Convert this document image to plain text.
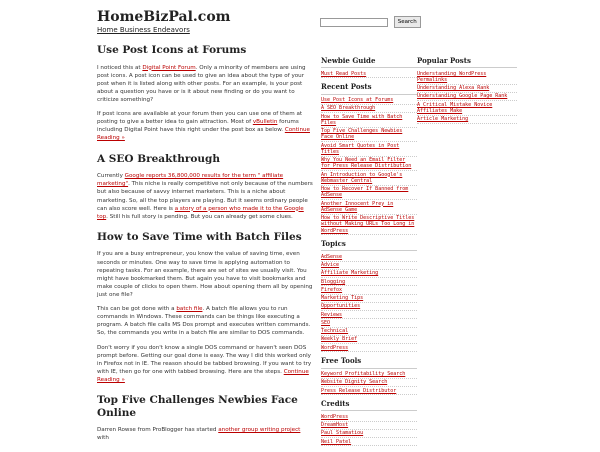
HomeBizPal.com
Home Business Endeavors
Search
Use Post Icons at Forums

I noticed this at Digital Point Forum. Only a minority of members are using post icons. A post icon can be used to give an idea about the type of your post when it is listed along with other posts. For an example, is your post about a question you have or is it about new finding or do you want to criticize something?

If post icons are available at your forum then you can use one of them at posting to give a better idea to gain attraction. Most of vBulletin forums including Digital Point have this right under the post box as below. Continue Reading »

A SEO Breakthrough

Currently Google reports 36,800,000 results for the term " affiliate marketing". This niche is really competitive not only because of the numbers but also because of savvy internet marketers. This is a niche about marketing. So, all the top players are playing. But it seems ordinary people can also score well. Here is a story of a person who made it to the Google top. Still his full story is pending. But you can already get some clues.

How to Save Time with Batch Files

If you are a busy entrepreneur, you know the value of saving time, even seconds or minutes. One way to save time is applying automation to repeating tasks. For an example, there are set of sites we usually visit. You might have bookmarked them. But again you have to visit bookmarks and make couple of clicks to open them. How about opening them all by opening just one file?

This can be got done with a batch file. A batch file allows you to run commands in Windows. These commands can be things like executing a program. A batch file calls MS Dos prompt and executes written commands. So, the commands you write in a batch file are similar to DOS commands.

Don't worry if you don't know a single DOS command or haven't seen DOS prompt before. Getting our goal done is easy. The way I did this worked only in Firefox not in IE. The reason should be tabbed browsing. If you want to try with IE, then go for one with tabbed browsing. Here are the steps. Continue Reading »

Top Five Challenges Newbies Face Online

Darren Rowse from ProBlogger has started another group writing project with

Newbie Guide
Must Read Posts
Recent Posts
Use Post Icons at Forums
A SEO Breakthrough
How to Save Time with Batch Files
Top Five Challenges Newbies Face Online
Avoid Smart Quotes in Post Titles
Why You Need an Email Filter for Press Release Distribution
An Introduction to Google's Webmaster Central
How to Recover If Banned from AdSense
Another Innocent Prey in AdSense Game
How to Write Descriptive Titles without Making URLs Too Long in WordPress
Topics
AdSense
Advice
Affiliate Marketing
Blogging
Firefox
Marketing Tips
Opportunities
Reviews
SEO
Technical
Weekly Brief
WordPress
Free Tools
Keyword Profitability Search
Website Dignity Search
Press Release Distributor
Credits
WordPress
DreamHost
Paul Stamatiou
Neil Patel
Popular Posts
Understanding WordPress Permalinks
Understanding Alexa Rank
Understanding Google Page Rank
A Critical Mistake Novice Affiliates Make
Article Marketing
